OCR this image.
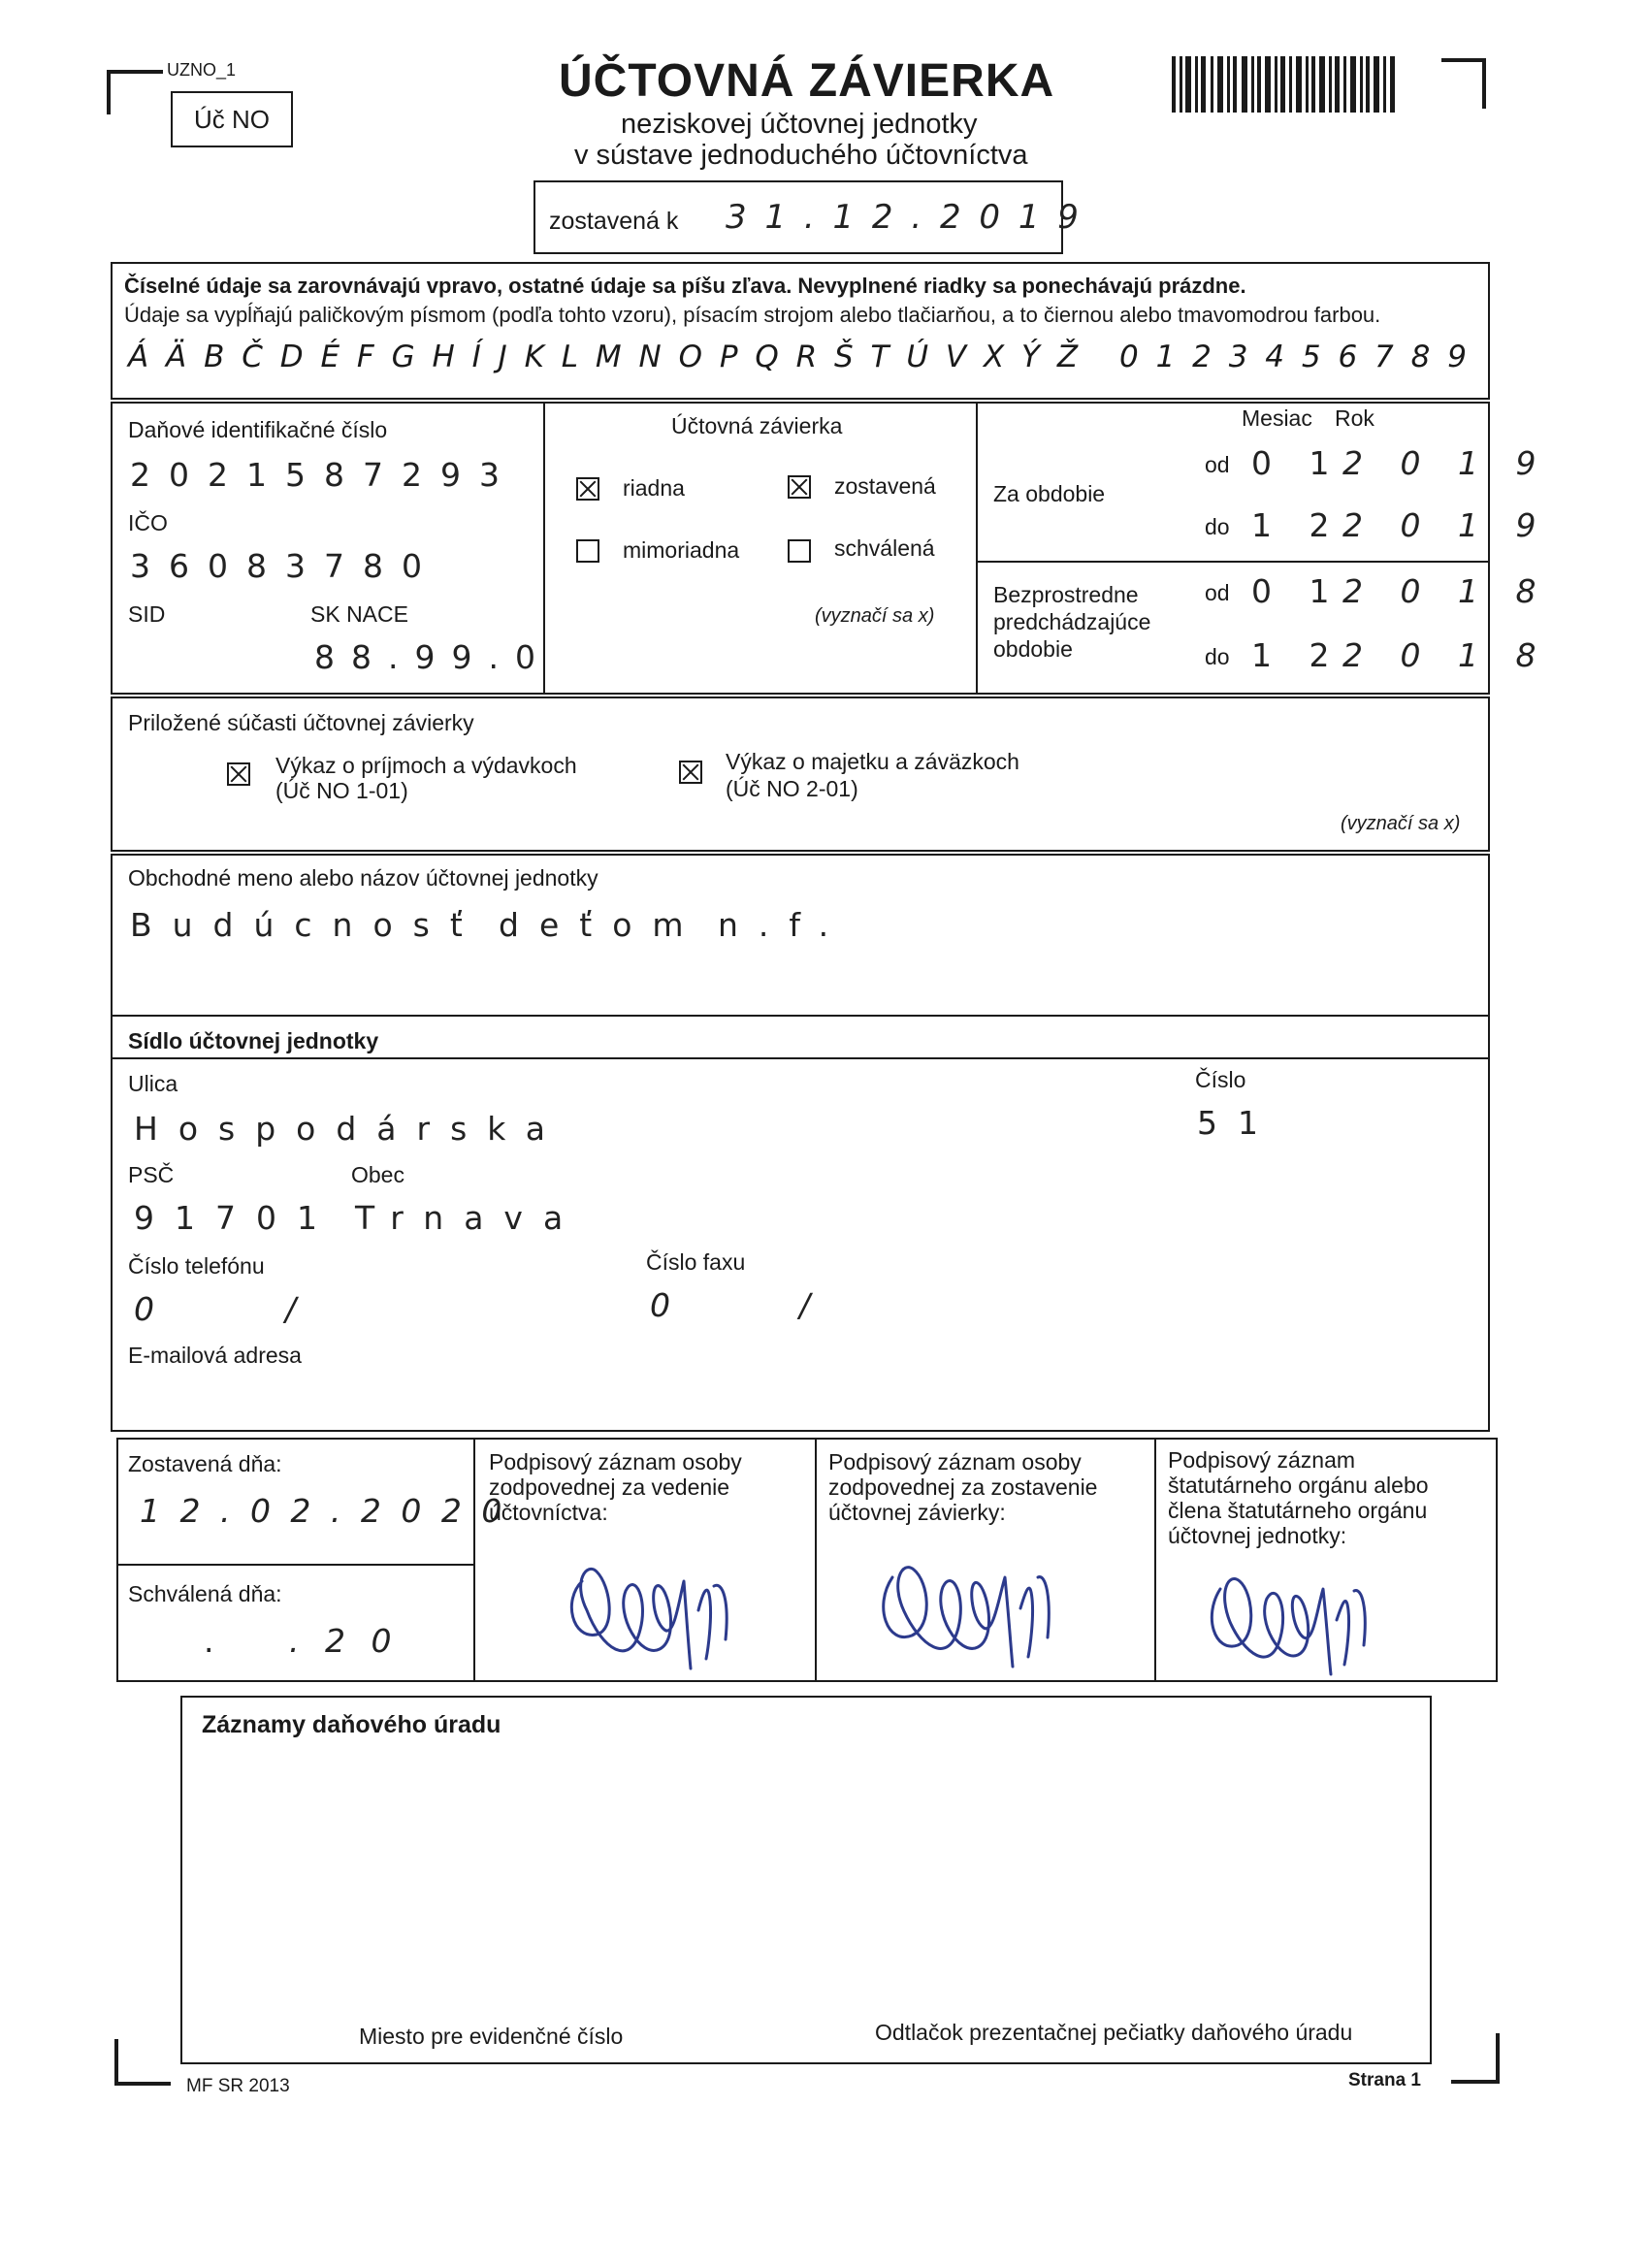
UZNO_1
Úč NO
ÚČTOVNÁ ZÁVIERKA
neziskovej účtovnej jednotky
v sústave jednoduchého účtovníctva
zostavená k 3 1 . 1 2 . 2 0 1 9
Číselné údaje sa zarovnávajú vpravo, ostatné údaje sa píšu zľava. Nevyplnené riadky sa ponechávajú prázdne.
Údaje sa vypĺňajú paličkovým písmom (podľa tohto vzoru), písacím strojom alebo tlačiarňou, a to čiernou alebo tmavomodrou farbou.
Á Ä B Č D É F G H Í J K L M N O P Q R Š T Ú V X Ý Ž 0 1 2 3 4 5 6 7 8 9
Daňové identifikačné číslo
2021587293
IČO
36083780
SID	SK NACE
88.99.0
Účtovná závierka
riadna	zostavená
mimoriadna	schválená
(vyznačí sa x)
Mesiac Rok
Za obdobie
od 0 1 2 0 1 9
do 1 2 2 0 1 9
Bezprostredne
predchádzajúce
obdobie
od 0 1 2 0 1 8
do 1 2 2 0 1 8
Priložené súčasti účtovnej závierky
Výkaz o príjmoch a výdavkoch
(Úč NO 1-01)
Výkaz o majetku a záväzkoch
(Úč NO 2-01)
(vyznačí sa x)
Obchodné meno alebo názov účtovnej jednotky
Budúcnosť deťom n.f.
Sídlo účtovnej jednotky
Ulica
Hospodárska
Číslo
51
PSČ
91701
Obec
Trnava
Číslo telefónu
0	/
Číslo faxu
0	/
E-mailová adresa
Zostavená dňa:
1 2 . 0 2 . 2 0 2 0
Schválená dňa:
. . 2 0
Podpisový záznam osoby
zodpovednej za vedenie
účtovníctva:
Podpisový záznam osoby
zodpovednej za zostavenie
účtovnej závierky:
Podpisový záznam
štatutárneho orgánu alebo
člena štatutárneho orgánu
účtovnej jednotky:
Záznamy daňového úradu
Miesto pre evidenčné číslo	Odtlačok prezentačnej pečiatky daňového úradu
MF SR 2013	Strana 1
